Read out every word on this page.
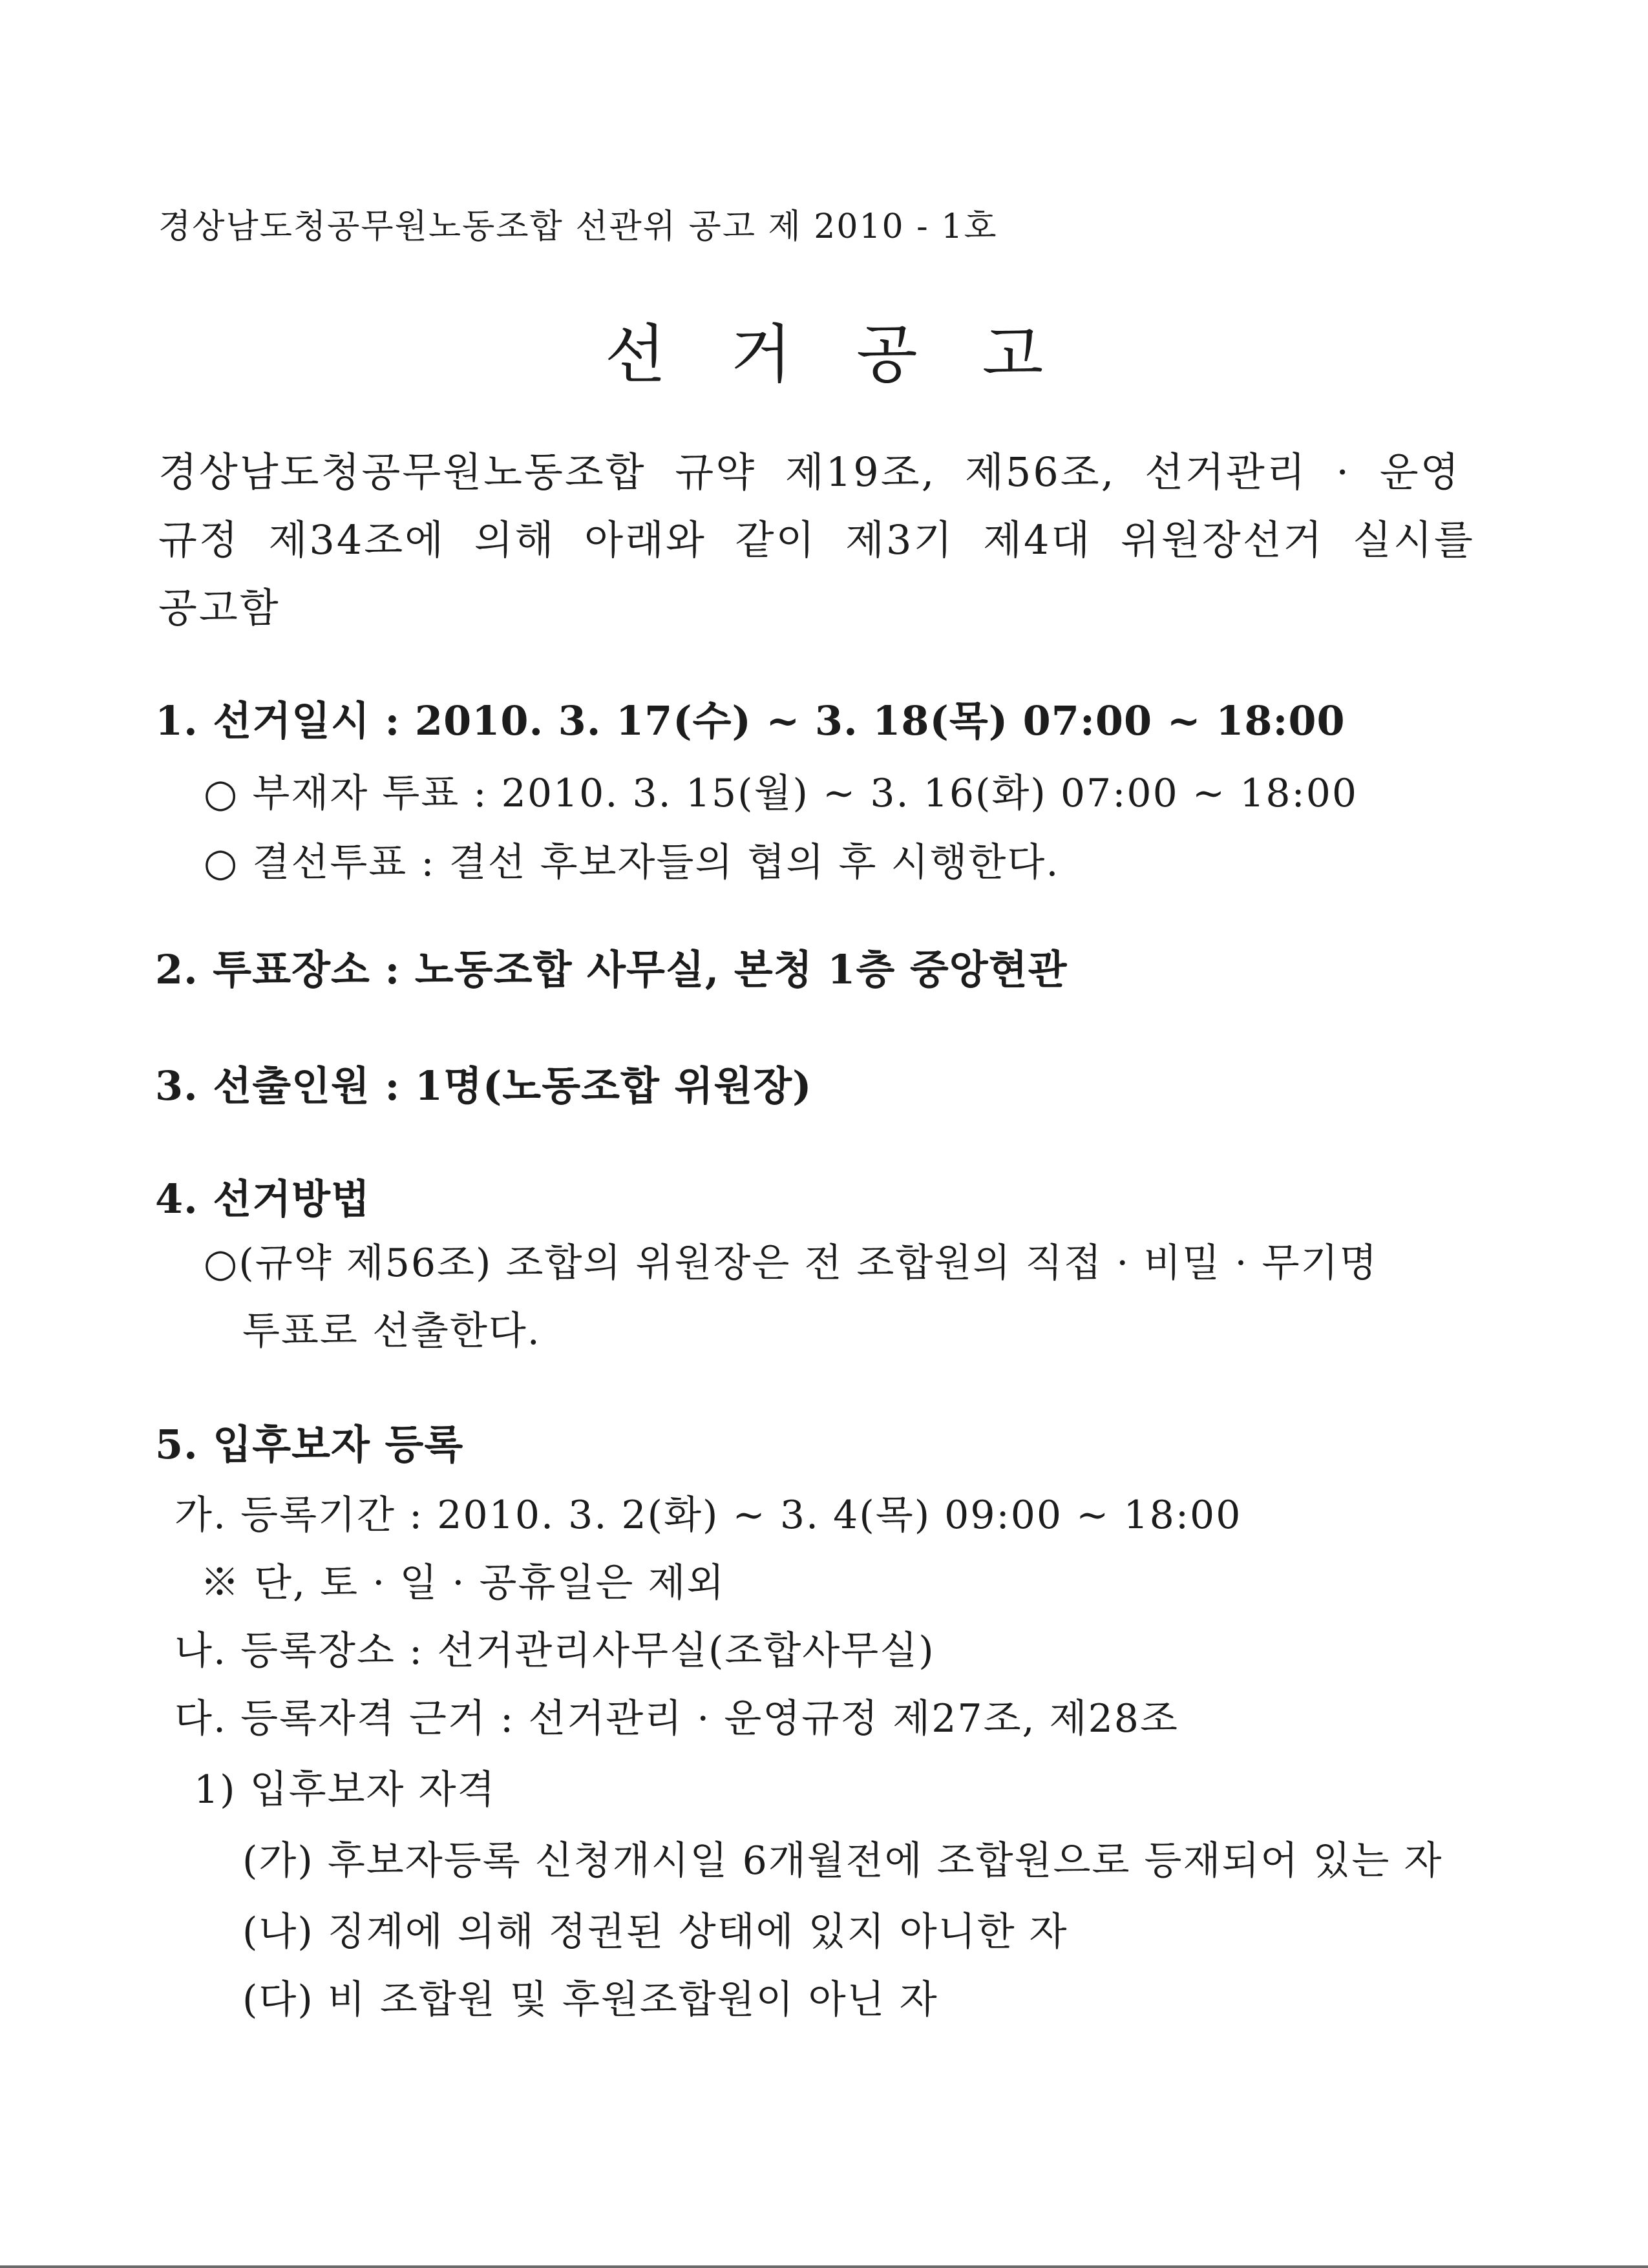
경상남도청공무원노동조합 선관위 공고 제 2010 - 1호
선거공고
경상남도청공무원노동조합 규약 제19조, 제56조, 선거관리 · 운영
규정 제34조에 의해 아래와 같이 제3기 제4대 위원장선거 실시를
공고함
1. 선거일시 : 2010. 3. 17(수) ~ 3. 18(목) 07:00 ~ 18:00
○ 부재자 투표 : 2010. 3. 15(월) ~ 3. 16(화) 07:00 ~ 18:00
○ 결선투표 : 결선 후보자들의 협의 후 시행한다.
2. 투표장소 : 노동조합 사무실, 본청 1층 중앙현관
3. 선출인원 : 1명(노동조합 위원장)
4. 선거방법
○(규약 제56조) 조합의 위원장은 전 조합원의 직접 · 비밀 · 무기명
투표로 선출한다.
5. 입후보자 등록
가. 등록기간 : 2010. 3. 2(화) ~ 3. 4(목) 09:00 ~ 18:00
※ 단, 토 · 일 · 공휴일은 제외
나. 등록장소 : 선거관리사무실(조합사무실)
다. 등록자격 근거 : 선거관리 · 운영규정 제27조, 제28조
1) 입후보자 자격
(가) 후보자등록 신청개시일 6개월전에 조합원으로 등재되어 있는 자
(나) 징계에 의해 정권된 상태에 있지 아니한 자
(다) 비 조합원 및 후원조합원이 아닌 자
